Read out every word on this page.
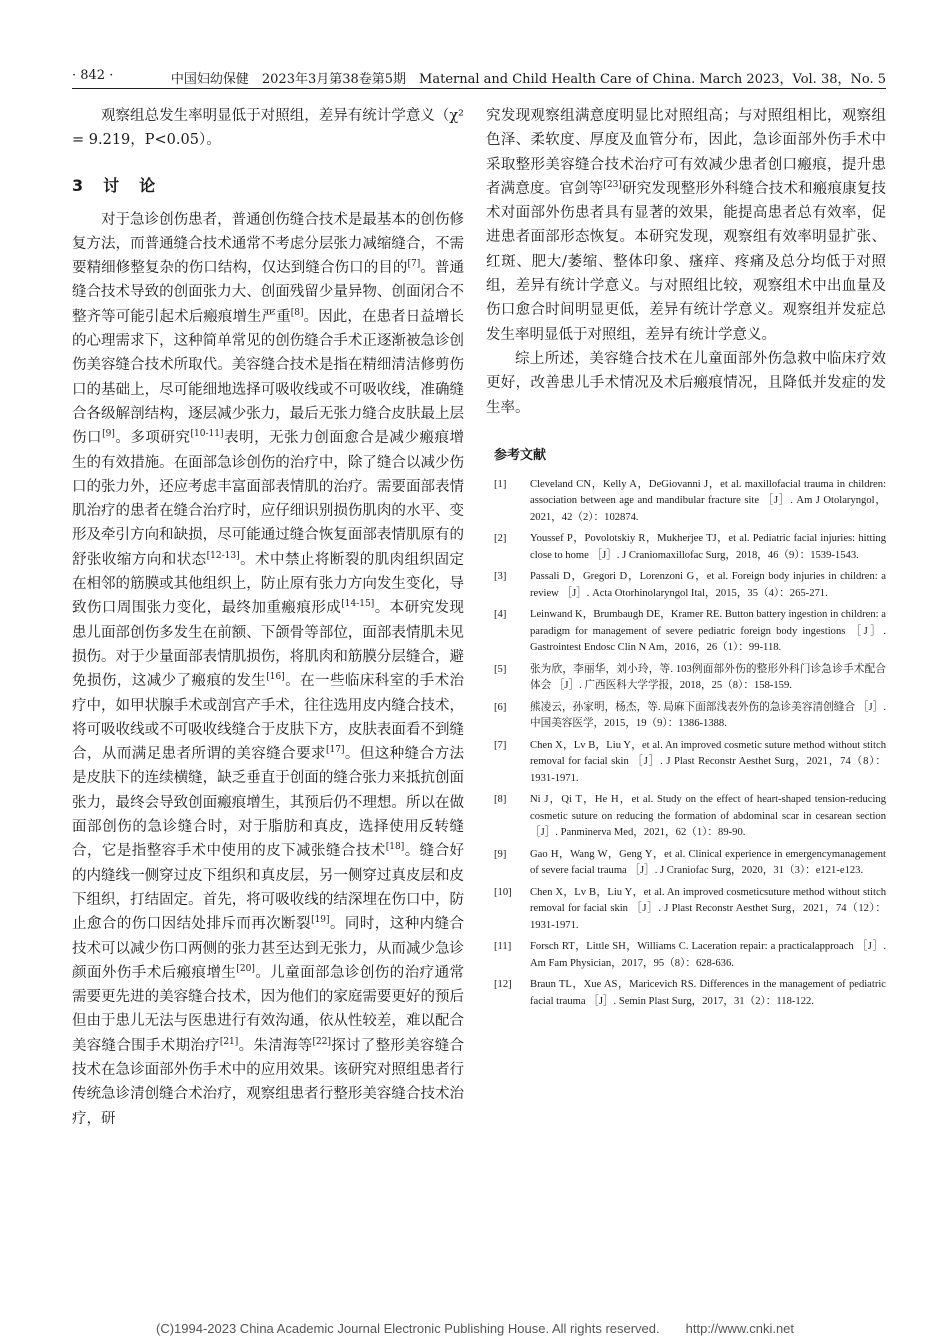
· 842 ·	中国妇幼保健　2023年3月第38卷第5期　Maternal and Child Health Care of China. March 2023，Vol. 38，No. 5

观察组总发生率明显低于对照组，差异有统计学意义（χ² = 9.219，P<0.05）。

3　讨　论

对于急诊创伤患者，普通创伤缝合技术是最基本的创伤修复方法，而普通缝合技术通常不考虑分层张力减缩缝合，不需要精细修整复杂的伤口结构，仅达到缝合伤口的目的[7]。普通缝合技术导致的创面张力大、创面残留少量异物、创面闭合不整齐等可能引起术后瘢痕增生严重[8]。因此，在患者日益增长的心理需求下，这种简单常见的创伤缝合手术正逐渐被急诊创伤美容缝合技术所取代。美容缝合技术是指在精细清洁修剪伤口的基础上，尽可能细地选择可吸收线或不可吸收线，准确缝合各级解剖结构，逐层减少张力，最后无张力缝合皮肤最上层伤口[9]。多项研究[10-11]表明，无张力创面愈合是减少瘢痕增生的有效措施。在面部急诊创伤的治疗中，除了缝合以减少伤口的张力外，还应考虑丰富面部表情肌的治疗。需要面部表情肌治疗的患者在缝合治疗时，应仔细识别损伤肌肉的水平、变形及牵引方向和缺损，尽可能通过缝合恢复面部表情肌原有的舒张收缩方向和状态[12-13]。术中禁止将断裂的肌肉组织固定在相邻的筋膜或其他组织上，防止原有张力方向发生变化，导致伤口周围张力变化，最终加重瘢痕形成[14-15]。本研究发现患儿面部创伤多发生在前额、下颌骨等部位，面部表情肌未见损伤。对于少量面部表情肌损伤，将肌肉和筋膜分层缝合，避免损伤，这减少了瘢痕的发生[16]。在一些临床科室的手术治疗中，如甲状腺手术或剖宫产手术，往往选用皮内缝合技术，将可吸收线或不可吸收线缝合于皮肤下方，皮肤表面看不到缝合，从而满足患者所谓的美容缝合要求[17]。但这种缝合方法是皮肤下的连续横缝，缺乏垂直于创面的缝合张力来抵抗创面张力，最终会导致创面瘢痕增生，其预后仍不理想。所以在做面部创伤的急诊缝合时，对于脂肪和真皮，选择使用反转缝合，它是指整容手术中使用的皮下减张缝合技术[18]。缝合好的内缝线一侧穿过皮下组织和真皮层，另一侧穿过真皮层和皮下组织，打结固定。首先，将可吸收线的结深埋在伤口中，防止愈合的伤口因结处排斥而再次断裂[19]。同时，这种内缝合技术可以减少伤口两侧的张力甚至达到无张力，从而减少急诊颜面外伤手术后瘢痕增生[20]。儿童面部急诊创伤的治疗通常需要更先进的美容缝合技术，因为他们的家庭需要更好的预后但由于患儿无法与医患进行有效沟通，依从性较差，难以配合美容缝合围手术期治疗[21]。朱清海等[22]探讨了整形美容缝合技术在急诊面部外伤手术中的应用效果。该研究对照组患者行传统急诊清创缝合术治疗，观察组患者行整形美容缝合技术治疗，研

究发现观察组满意度明显比对照组高；与对照组相比，观察组色泽、柔软度、厚度及血管分布，因此，急诊面部外伤手术中采取整形美容缝合技术治疗可有效减少患者创口瘢痕，提升患者满意度。官剑等[23]研究发现整形外科缝合技术和瘢痕康复技术对面部外伤患者具有显著的效果，能提高患者总有效率，促进患者面部形态恢复。本研究发现，观察组有效率明显扩张、红斑、肥大/萎缩、整体印象、瘙痒、疼痛及总分均低于对照组，差异有统计学意义。与对照组比较，观察组术中出血量及伤口愈合时间明显更低，差异有统计学意义。观察组并发症总发生率明显低于对照组，差异有统计学意义。

综上所述，美容缝合技术在儿童面部外伤急救中临床疗效更好，改善患儿手术情况及术后瘢痕情况，且降低并发症的发生率。

参考文献
[1] Cleveland CN，Kelly A，DeGiovanni J，et al. maxillofacial trauma in children: association between age and mandibular fracture site ［J］. Am J Otolaryngol，2021，42（2）：102874.
[2] Youssef P，Povolotskiy R，Mukherjee TJ，et al. Pediatric facial injuries: hitting close to home ［J］. J Craniomaxillofac Surg，2018，46（9）：1539-1543.
[3] Passali D，Gregori D，Lorenzoni G，et al. Foreign body injuries in children: a review ［J］. Acta Otorhinolaryngol Ital，2015，35（4）：265-271.
[4] Leinwand K，Brumbaugh DE，Kramer RE. Button battery ingestion in children: a paradigm for management of severe pediatric foreign body ingestions ［J］. Gastrointest Endosc Clin N Am，2016，26（1）：99-118.
[5] 张为欣，李丽华，刘小玲，等. 103例面部外伤的整形外科门诊急诊手术配合体会 ［J］. 广西医科大学学报，2018，25（8）：158-159.
[6] 熊凌云，孙家明，杨杰，等. 局麻下面部浅表外伤的急诊美容清创缝合 ［J］. 中国美容医学，2015，19（9）：1386-1388.
[7] Chen X，Lv B，Liu Y，et al. An improved cosmetic suture method without stitch removal for facial skin ［J］. J Plast Reconstr Aesthet Surg，2021，74（8）：1931-1971.
[8] Ni J，Qi T，He H，et al. Study on the effect of heart-shaped tension-reducing cosmetic suture on reducing the formation of abdominal scar in cesarean section ［J］. Panminerva Med，2021，62（1）：89-90.
[9] Gao H，Wang W，Geng Y，et al. Clinical experience in emergencymanagement of severe facial trauma ［J］. J Craniofac Surg，2020，31（3）：e121-e123.
[10] Chen X，Lv B，Liu Y，et al. An improved cosmeticsuture method without stitch removal for facial skin ［J］. J Plast Reconstr Aesthet Surg，2021，74（12）：1931-1971.
[11] Forsch RT，Little SH，Williams C. Laceration repair: a practicalapproach ［J］. Am Fam Physician，2017，95（8）：628-636.
[12] Braun TL，Xue AS，Maricevich RS. Differences in the management of pediatric facial trauma ［J］. Semin Plast Surg，2017，31（2）：118-122.
(C)1994-2023 China Academic Journal Electronic Publishing House. All rights reserved.　　http://www.cnki.net
